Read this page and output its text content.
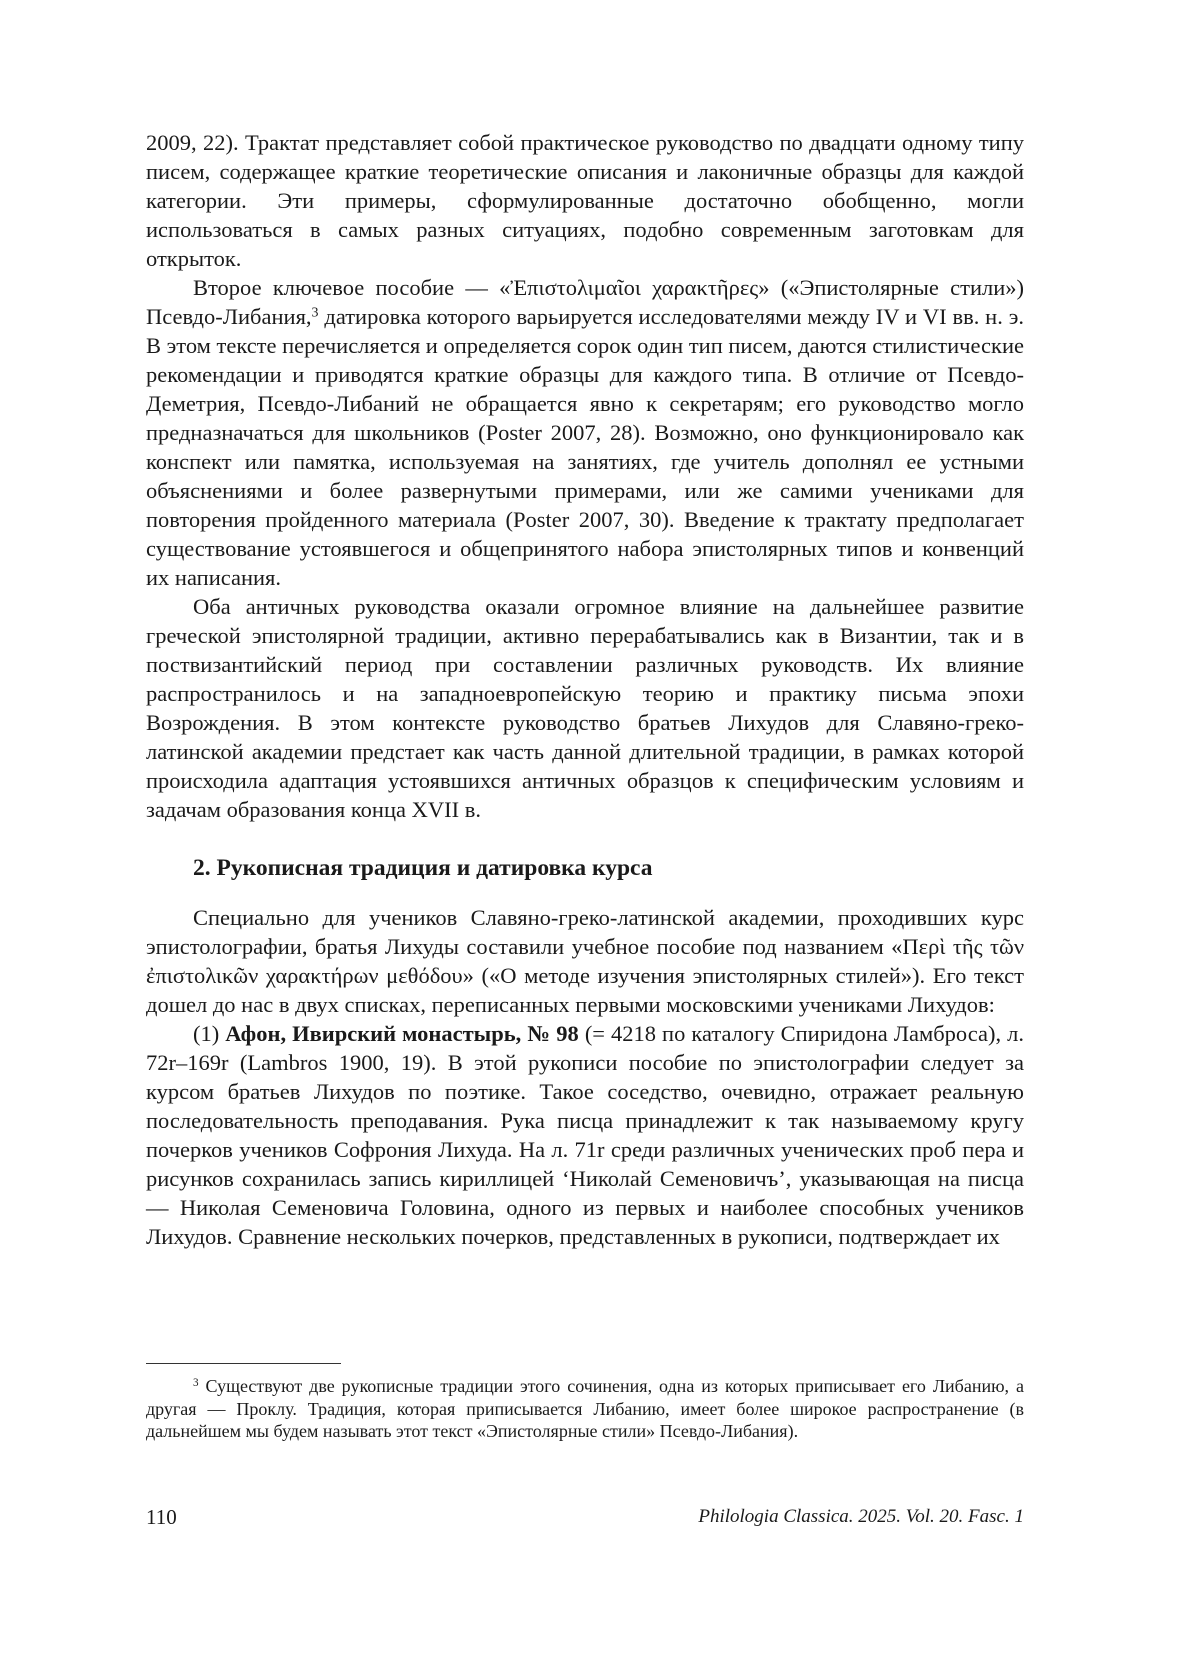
2009, 22). Трактат представляет собой практическое руководство по двадцати одному типу писем, содержащее краткие теоретические описания и лаконичные образцы для каждой категории. Эти примеры, сформулированные достаточно обобщенно, могли использоваться в самых разных ситуациях, подобно современным заготовкам для открыток.

Второе ключевое пособие — «Ἐπιστολιμαῖοι χαρακτῆρες» («Эпистолярные стили») Псевдо-Либания,$^3$ датировка которого варьируется исследователями между IV и VI вв. н. э. В этом тексте перечисляется и определяется сорок один тип писем, даются стилистические рекомендации и приводятся краткие образцы для каждого типа. В отличие от Псевдо-Деметрия, Псевдо-Либаний не обращается явно к секретарям; его руководство могло предназначаться для школьников (Poster 2007, 28). Возможно, оно функционировало как конспект или памятка, используемая на занятиях, где учитель дополнял ее устными объяснениями и более развернутыми примерами, или же самими учениками для повторения пройденного материала (Poster 2007, 30). Введение к трактату предполагает существование устоявшегося и общепринятого набора эпистолярных типов и конвенций их написания.

Оба античных руководства оказали огромное влияние на дальнейшее развитие греческой эпистолярной традиции, активно перерабатывались как в Византии, так и в поствизантийский период при составлении различных руководств. Их влияние распространилось и на западноевропейскую теорию и практику письма эпохи Возрождения. В этом контексте руководство братьев Лихудов для Славяно-греко-латинской академии предстает как часть данной длительной традиции, в рамках которой происходила адаптация устоявшихся античных образцов к специфическим условиям и задачам образования конца XVII в.

2. Рукописная традиция и датировка курса

Специально для учеников Славяно-греко-латинской академии, проходивших курс эпистолографии, братья Лихуды составили учебное пособие под названием «Περὶ τῆς τῶν ἐπιστολικῶν χαρακτήρων μεθόδου» («О методе изучения эпистолярных стилей»). Его текст дошел до нас в двух списках, переписанных первыми московскими учениками Лихудов:

(1) Афон, Ивирский монастырь, № 98 (= 4218 по каталогу Спиридона Ламброса), л. 72r–169r (Lambros 1900, 19). В этой рукописи пособие по эпистолографии следует за курсом братьев Лихудов по поэтике. Такое соседство, очевидно, отражает реальную последовательность преподавания. Рука писца принадлежит к так называемому кругу почерков учеников Софрония Лихуда. На л. 71r среди различных ученических проб пера и рисунков сохранилась запись кириллицей ‘Николай Семеновичъ’, указывающая на писца — Николая Семеновича Головина, одного из первых и наиболее способных учеников Лихудов. Сравнение нескольких почерков, представленных в рукописи, подтверждает их

$^3$ Существуют две рукописные традиции этого сочинения, одна из которых приписывает его Либанию, а другая — Проклу. Традиция, которая приписывается Либанию, имеет более широкое распространение (в дальнейшем мы будем называть этот текст «Эпистолярные стили» Псевдо-Либания).

110	Philologia Classica. 2025. Vol. 20. Fasc. 1
